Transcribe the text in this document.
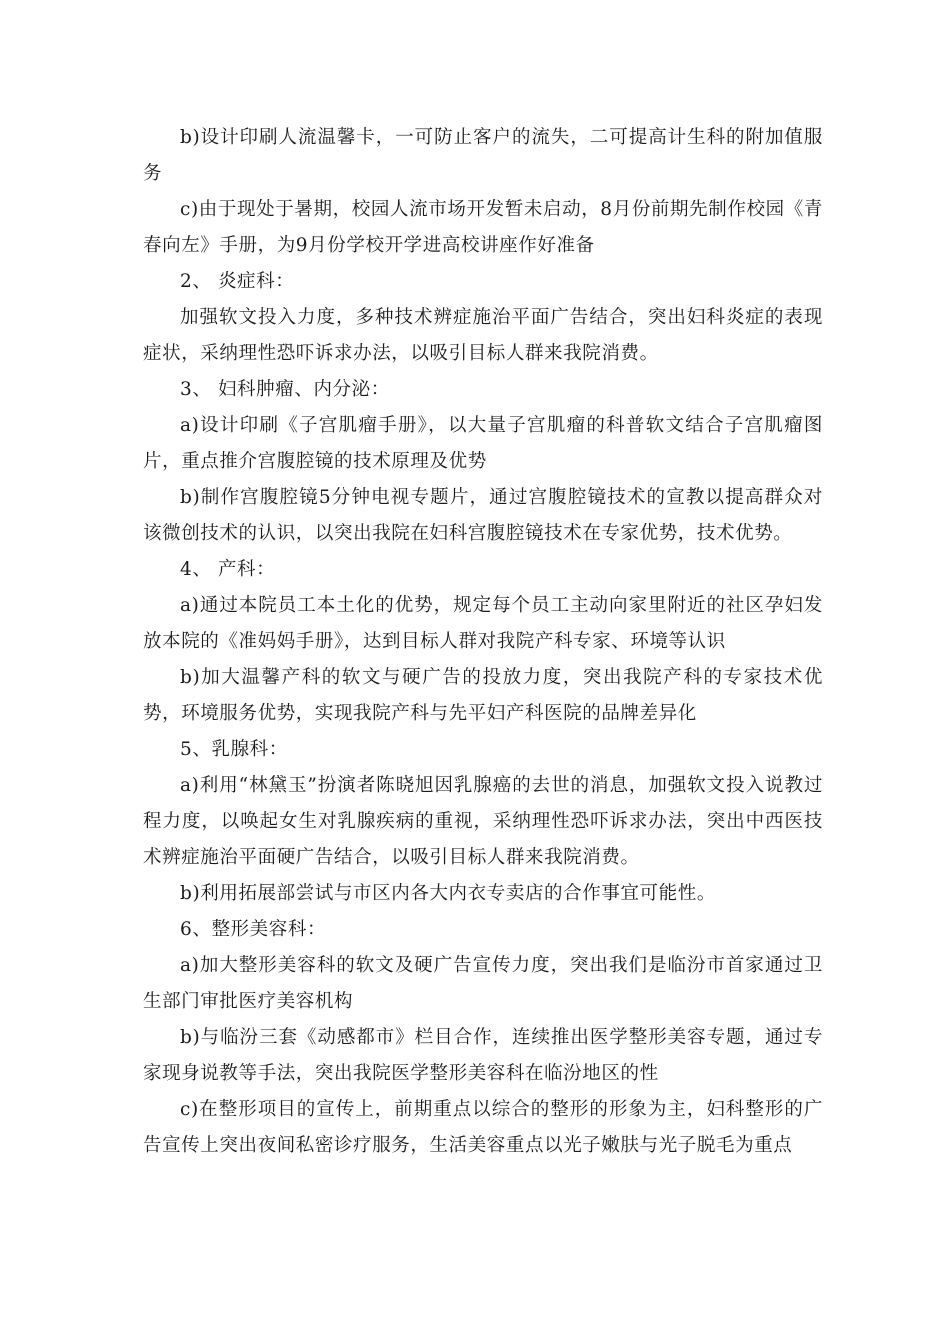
b)设计印刷人流温馨卡，一可防止客户的流失，二可提高计生科的附加值服务

c)由于现处于暑期，校园人流市场开发暂未启动，8月份前期先制作校园《青春向左》手册，为9月份学校开学进高校讲座作好准备

2、 炎症科：

加强软文投入力度，多种技术辨症施治平面广告结合，突出妇科炎症的表现症状，采纳理性恐吓诉求办法，以吸引目标人群来我院消费。

3、 妇科肿瘤、内分泌：

a)设计印刷《子宫肌瘤手册》，以大量子宫肌瘤的科普软文结合子宫肌瘤图片，重点推介宫腹腔镜的技术原理及优势

b)制作宫腹腔镜5分钟电视专题片，通过宫腹腔镜技术的宣教以提高群众对该微创技术的认识，以突出我院在妇科宫腹腔镜技术在专家优势，技术优势。

4、 产科：

a)通过本院员工本土化的优势，规定每个员工主动向家里附近的社区孕妇发放本院的《准妈妈手册》，达到目标人群对我院产科专家、环境等认识

b)加大温馨产科的软文与硬广告的投放力度，突出我院产科的专家技术优势，环境服务优势，实现我院产科与先平妇产科医院的品牌差异化

5、乳腺科：

a)利用“林黛玉”扮演者陈晓旭因乳腺癌的去世的消息，加强软文投入说教过程力度，以唤起女生对乳腺疾病的重视，采纳理性恐吓诉求办法，突出中西医技术辨症施治平面硬广告结合，以吸引目标人群来我院消费。

b)利用拓展部尝试与市区内各大内衣专卖店的合作事宜可能性。

6、整形美容科：

a)加大整形美容科的软文及硬广告宣传力度，突出我们是临汾市首家通过卫生部门审批医疗美容机构

b)与临汾三套《动感都市》栏目合作，连续推出医学整形美容专题，通过专家现身说教等手法，突出我院医学整形美容科在临汾地区的性

c)在整形项目的宣传上，前期重点以综合的整形的形象为主，妇科整形的广告宣传上突出夜间私密诊疗服务，生活美容重点以光子嫩肤与光子脱毛为重点
